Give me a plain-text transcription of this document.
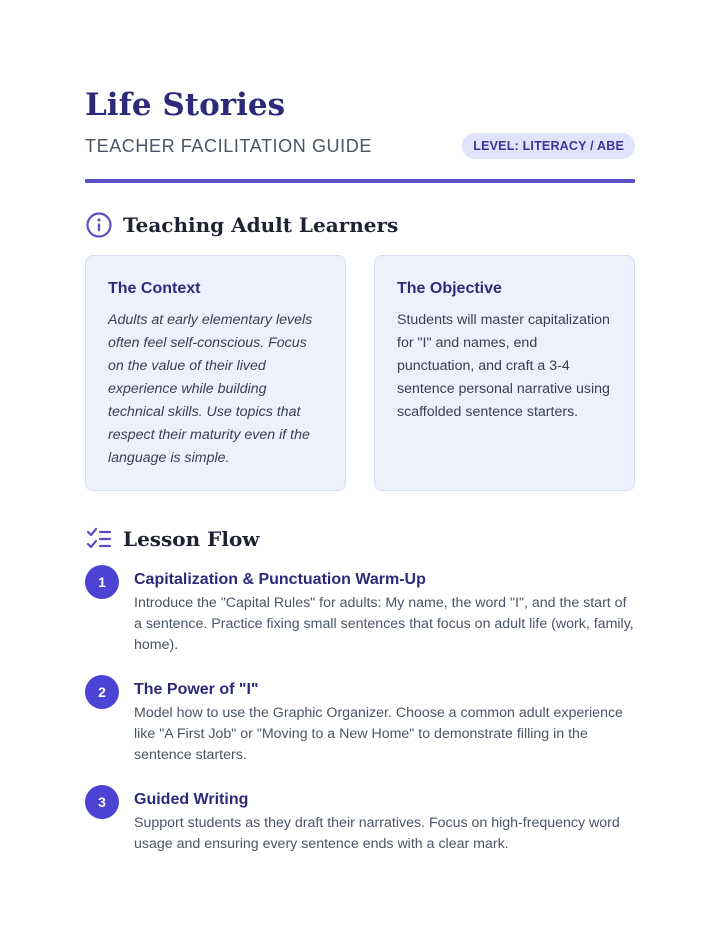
Life Stories
TEACHER FACILITATION GUIDE	LEVEL: LITERACY / ABE
Teaching Adult Learners
The Context

Adults at early elementary levels often feel self-conscious. Focus on the value of their lived experience while building technical skills. Use topics that respect their maturity even if the language is simple.

The Objective

Students will master capitalization for "I" and names, end punctuation, and craft a 3-4 sentence personal narrative using scaffolded sentence starters.

Lesson Flow
1	Capitalization & Punctuation Warm-Up

Introduce the "Capital Rules" for adults: My name, the word "I", and the start of a sentence. Practice fixing small sentences that focus on adult life (work, family, home).

2	The Power of "I"

Model how to use the Graphic Organizer. Choose a common adult experience like "A First Job" or "Moving to a New Home" to demonstrate filling in the sentence starters.

3	Guided Writing

Support students as they draft their narratives. Focus on high-frequency word usage and ensuring every sentence ends with a clear mark.
